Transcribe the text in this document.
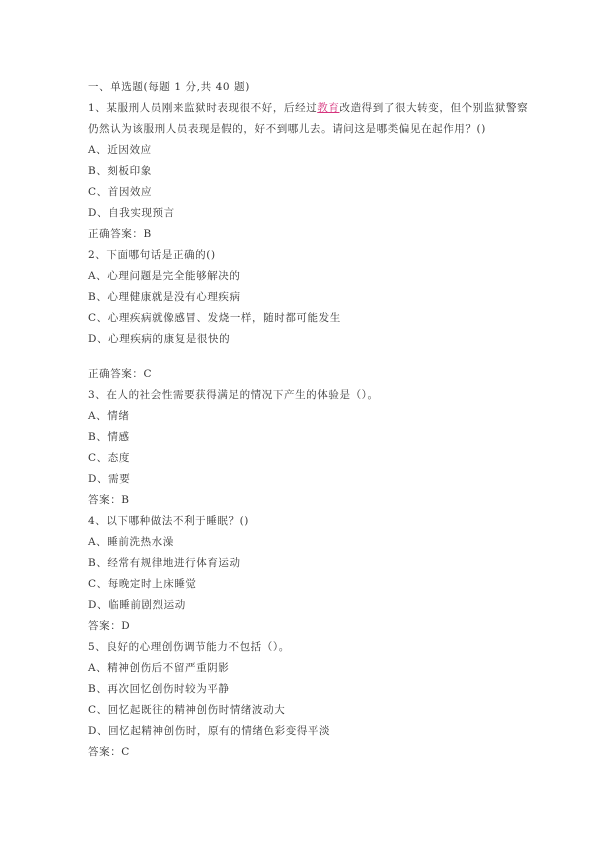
一、单选题(每题 1 分,共 40 题)
1、某服刑人员刚来监狱时表现很不好，后经过教育改造得到了很大转变，但个别监狱警察
仍然认为该服刑人员表现是假的，好不到哪儿去。请问这是哪类偏见在起作用？()
A、近因效应
B、刻板印象
C、首因效应
D、自我实现预言
正确答案：B
2、下面哪句话是正确的()
A、心理问题是完全能够解决的
B、心理健康就是没有心理疾病
C、心理疾病就像感冒、发烧一样，随时都可能发生
D、心理疾病的康复是很快的
正确答案：C
3、在人的社会性需要获得满足的情况下产生的体验是（）。
A、情绪
B、情感
C、态度
D、需要
答案：B
4、以下哪种做法不利于睡眠？()
A、睡前洗热水澡
B、经常有规律地进行体育运动
C、每晚定时上床睡觉
D、临睡前剧烈运动
答案：D
5、良好的心理创伤调节能力不包括（）。
A、精神创伤后不留严重阴影
B、再次回忆创伤时较为平静
C、回忆起既往的精神创伤时情绪波动大
D、回忆起精神创伤时，原有的情绪色彩变得平淡
答案：C
